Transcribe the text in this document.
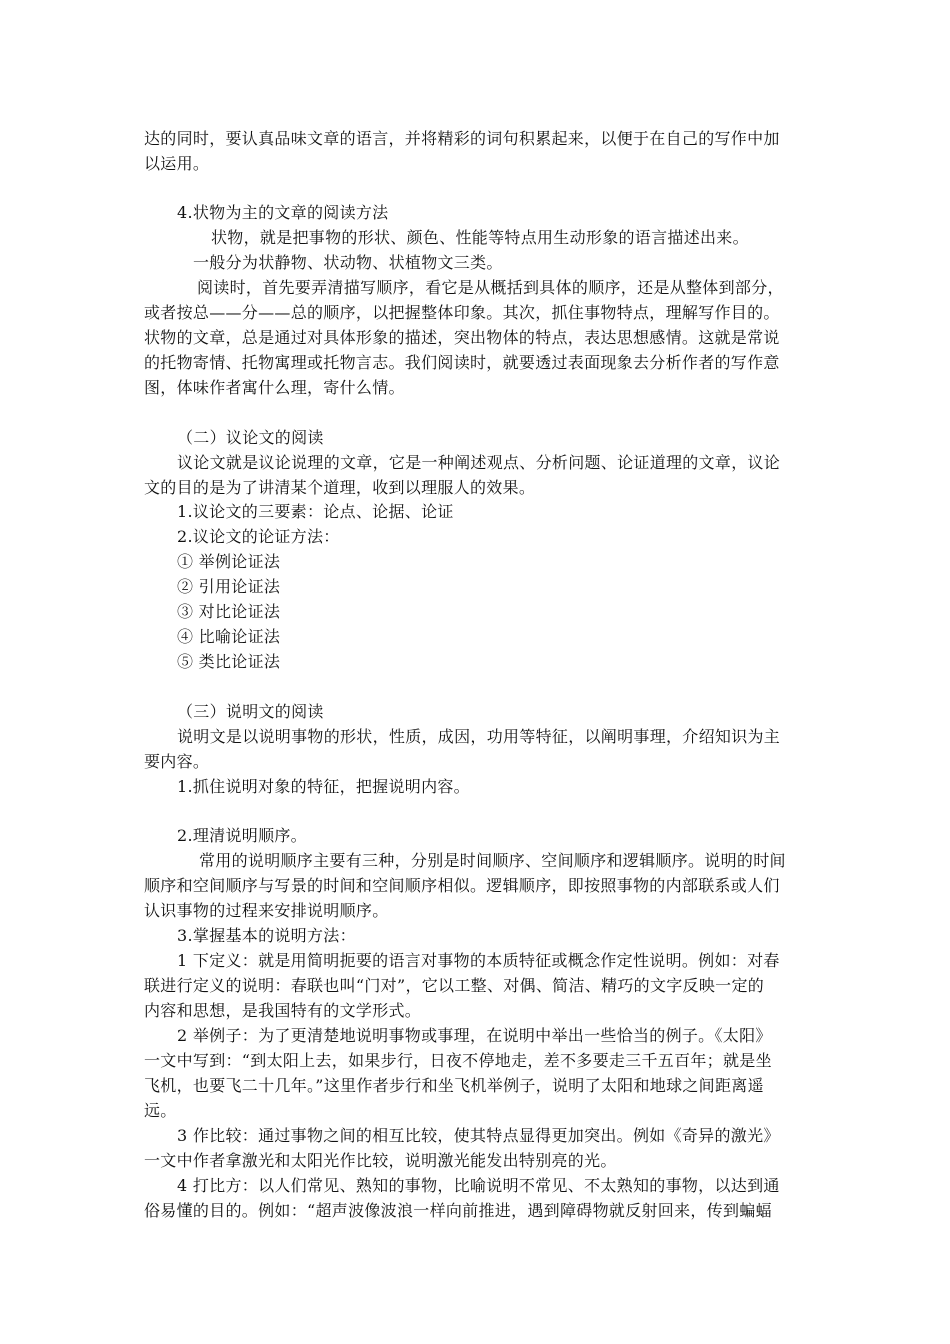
达的同时，要认真品味文章的语言，并将精彩的词句积累起来，以便于在自己的写作中加
以运用。
4.状物为主的文章的阅读方法
状物，就是把事物的形状、颜色、性能等特点用生动形象的语言描述出来。
一般分为状静物、状动物、状植物文三类。
阅读时，首先要弄清描写顺序，看它是从概括到具体的顺序，还是从整体到部分，
或者按总——分——总的顺序，以把握整体印象。其次，抓住事物特点，理解写作目的。
状物的文章，总是通过对具体形象的描述，突出物体的特点，表达思想感情。这就是常说
的托物寄情、托物寓理或托物言志。我们阅读时，就要透过表面现象去分析作者的写作意
图，体味作者寓什么理，寄什么情。
（二）议论文的阅读
议论文就是议论说理的文章，它是一种阐述观点、分析问题、论证道理的文章，议论
文的目的是为了讲清某个道理，收到以理服人的效果。
1.议论文的三要素：论点、论据、论证
2.议论文的论证方法：
① 举例论证法
② 引用论证法
③ 对比论证法
④ 比喻论证法
⑤ 类比论证法
（三）说明文的阅读
说明文是以说明事物的形状，性质，成因，功用等特征，以阐明事理，介绍知识为主
要内容。
1.抓住说明对象的特征，把握说明内容。
2.理清说明顺序。
常用的说明顺序主要有三种，分别是时间顺序、空间顺序和逻辑顺序。说明的时间
顺序和空间顺序与写景的时间和空间顺序相似。逻辑顺序，即按照事物的内部联系或人们
认识事物的过程来安排说明顺序。
3.掌握基本的说明方法：
1 下定义：就是用简明扼要的语言对事物的本质特征或概念作定性说明。例如：对春
联进行定义的说明：春联也叫“门对”，它以工整、对偶、简洁、精巧的文字反映一定的
内容和思想，是我国特有的文学形式。
2 举例子：为了更清楚地说明事物或事理，在说明中举出一些恰当的例子。《太阳》
一文中写到：“到太阳上去，如果步行，日夜不停地走，差不多要走三千五百年；就是坐
飞机，也要飞二十几年。”这里作者步行和坐飞机举例子，说明了太阳和地球之间距离遥
远。
3 作比较：通过事物之间的相互比较，使其特点显得更加突出。例如《奇异的激光》
一文中作者拿激光和太阳光作比较，说明激光能发出特别亮的光。
4 打比方：以人们常见、熟知的事物，比喻说明不常见、不太熟知的事物，以达到通
俗易懂的目的。例如：“超声波像波浪一样向前推进，遇到障碍物就反射回来，传到蝙蝠
